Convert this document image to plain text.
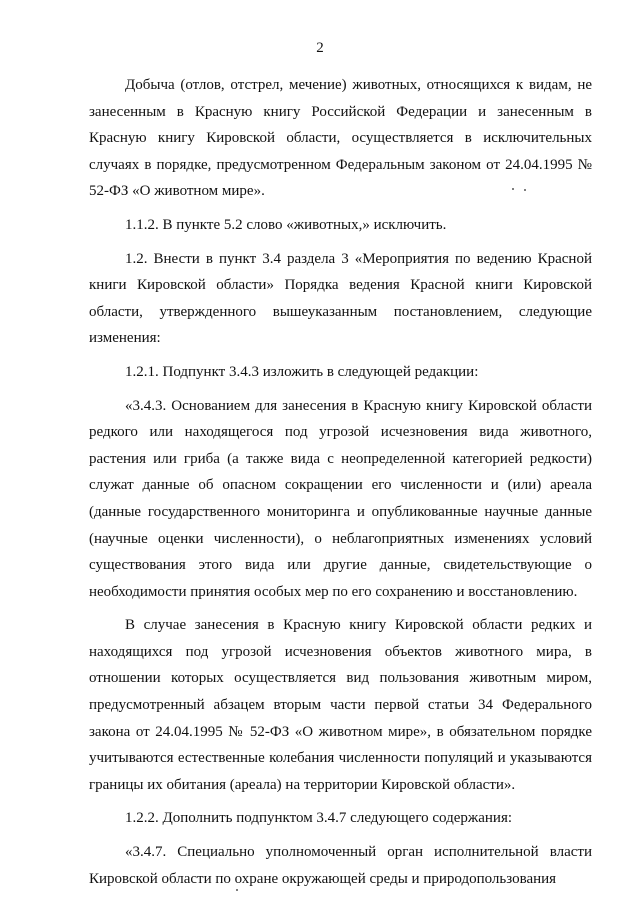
2

Добыча (отлов, отстрел, мечение) животных, относящихся к видам, не занесенным в Красную книгу Российской Федерации и занесенным в Красную книгу Кировской области, осуществляется в исключительных случаях в порядке, предусмотренном Федеральным законом от 24.04.1995 № 52-ФЗ «О животном мире».

1.1.2. В пункте 5.2 слово «животных,» исключить.

1.2. Внести в пункт 3.4 раздела 3 «Мероприятия по ведению Красной книги Кировской области» Порядка ведения Красной книги Кировской области, утвержденного вышеуказанным постановлением, следующие изменения:

1.2.1. Подпункт 3.4.3 изложить в следующей редакции:

«3.4.3. Основанием для занесения в Красную книгу Кировской области редкого или находящегося под угрозой исчезновения вида животного, растения или гриба (а также вида с неопределенной категорией редкости) служат данные об опасном сокращении его численности и (или) ареала (данные государственного мониторинга и опубликованные научные данные (научные оценки численности), о неблагоприятных изменениях условий существования этого вида или другие данные, свидетельствующие о необходимости принятия особых мер по его сохранению и восстановлению.

В случае занесения в Красную книгу Кировской области редких и находящихся под угрозой исчезновения объектов животного мира, в отношении которых осуществляется вид пользования животным миром, предусмотренный абзацем вторым части первой статьи 34 Федерального закона от 24.04.1995 № 52-ФЗ «О животном мире», в обязательном порядке учитываются естественные колебания численности популяций и указываются границы их обитания (ареала) на территории Кировской области».

1.2.2. Дополнить подпунктом 3.4.7 следующего содержания:

«3.4.7. Специально уполномоченный орган исполнительной власти Кировской области по охране окружающей среды и природопользования
